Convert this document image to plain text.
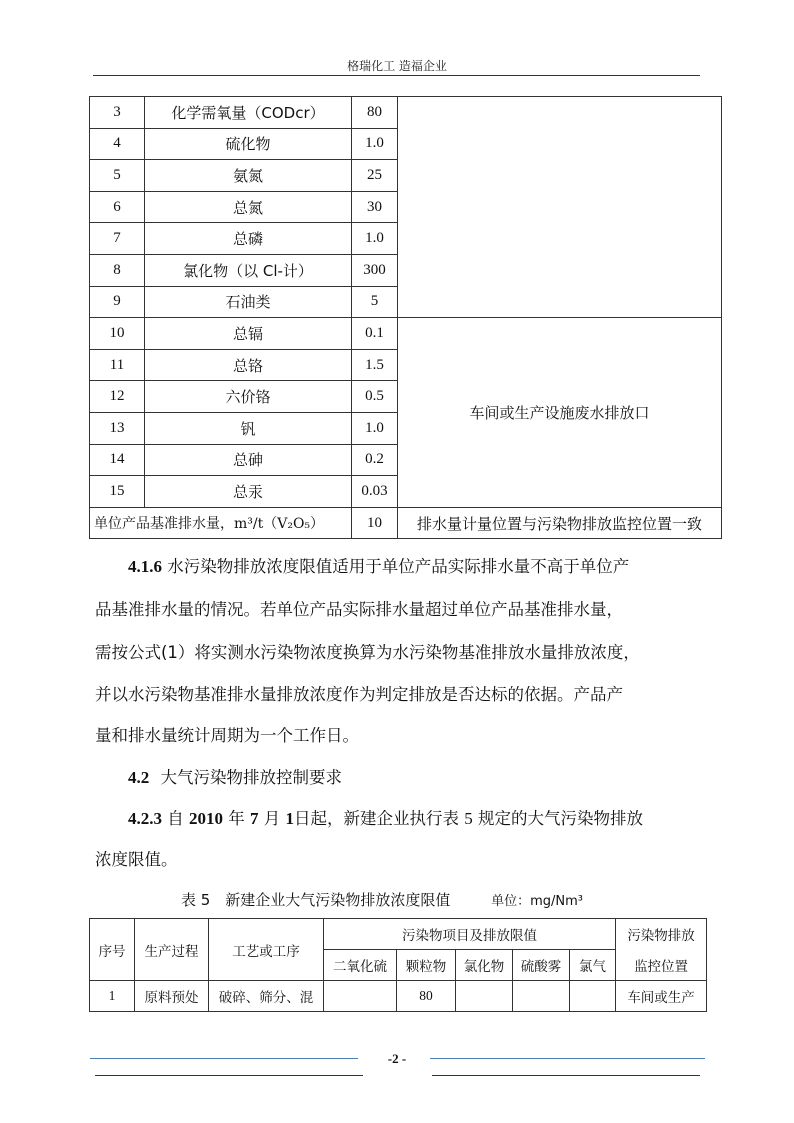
格瑞化工 造福企业
3	化学需氧量（CODcr）	80	
4	硫化物	1.0	
5	氨氮	25	
6	总氮	30	
7	总磷	1.0	
8	氯化物（以 Cl-计）	300	
9	石油类	5	
10	总镉	0.1	车间或生产设施废水排放口
11	总铬	1.5	
12	六价铬	0.5	
13	钒	1.0	
14	总砷	0.2	
15	总汞	0.03	
单位产品基准排水量，m³/t（V₂O₅）		10	排水量计量位置与污染物排放监控位置一致
4.1.6 水污染物排放浓度限值适用于单位产品实际排水量不高于单位产
品基准排水量的情况。若单位产品实际排水量超过单位产品基准排水量，
需按公式(1）将实测水污染物浓度换算为水污染物基准排放水量排放浓度，
并以水污染物基准排水量排放浓度作为判定排放是否达标的依据。产品产
量和排水量统计周期为一个工作日。
4.2 大气污染物排放控制要求
4.2.3 自 2010 年 7 月 1日起，新建企业执行表 5 规定的大气污染物排放
浓度限值。
表 5　新建企业大气污染物排放浓度限值	单位：mg/Nm³
序号	生产过程	工艺或工序	污染物项目及排放限值					污染物排放
			二氧化硫	颗粒物	氯化物	硫酸雾	氯气	监控位置
1	原料预处	破碎、筛分、混		80				车间或生产
-2 -
